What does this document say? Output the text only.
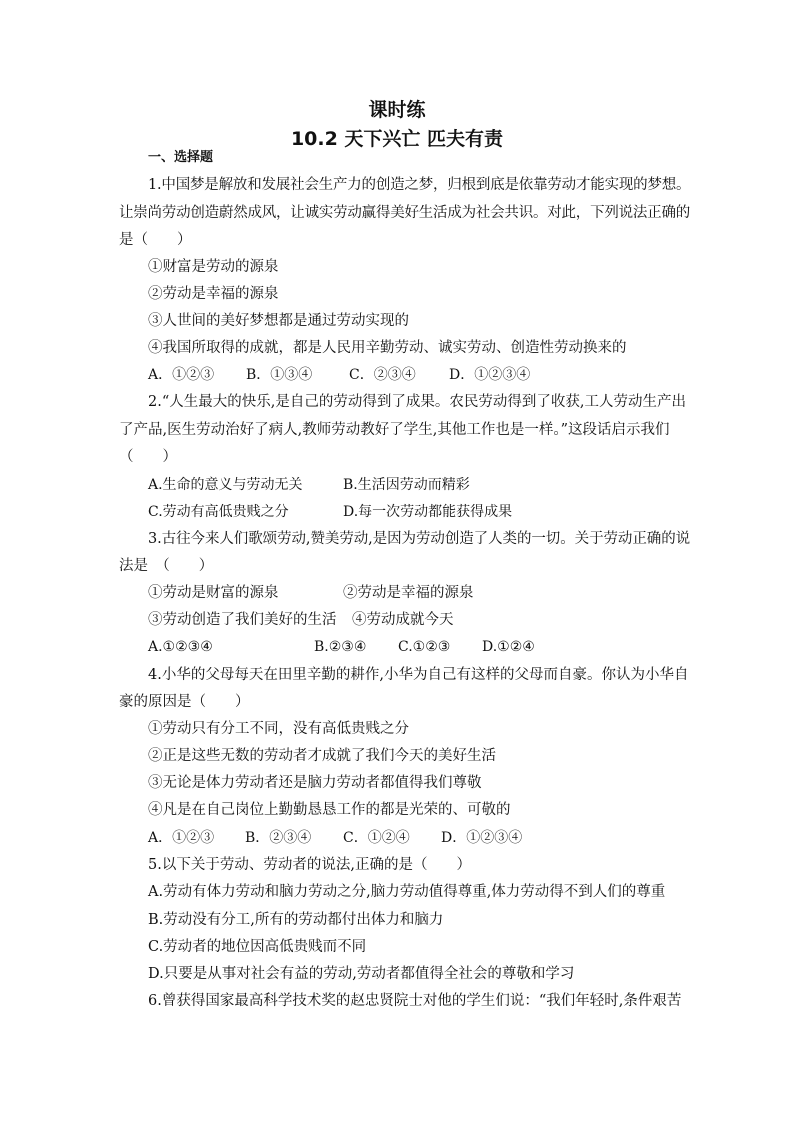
课时练
10.2 天下兴亡 匹夫有责
一、选择题
1.中国梦是解放和发展社会生产力的创造之梦，归根到底是依靠劳动才能实现的梦想。
让崇尚劳动创造蔚然成风，让诚实劳动赢得美好生活成为社会共识。对此，下列说法正确的
是（　　）
①财富是劳动的源泉
②劳动是幸福的源泉
③人世间的美好梦想都是通过劳动实现的
④我国所取得的成就，都是人民用辛勤劳动、诚实劳动、创造性劳动换来的
A．①②③ B．①③④	C．②③④ D．①②③④
2.“人生最大的快乐,是自己的劳动得到了成果。农民劳动得到了收获,工人劳动生产出
了产品,医生劳动治好了病人,教师劳动教好了学生,其他工作也是一样。”这段话启示我们
（　　）
A.生命的意义与劳动无关	B.生活因劳动而精彩
C.劳动有高低贵贱之分	D.每一次劳动都能获得成果
3.古往今来人们歌颂劳动,赞美劳动,是因为劳动创造了人类的一切。关于劳动正确的说
法是　（　　）
①劳动是财富的源泉	②劳动是幸福的源泉
③劳动创造了我们美好的生活 ④劳动成就今天
A.①②③④	B.②③④ C.①②③ D.①②④
4.小华的父母每天在田里辛勤的耕作,小华为自己有这样的父母而自豪。你认为小华自
豪的原因是（　　）
①劳动只有分工不同，没有高低贵贱之分
②正是这些无数的劳动者才成就了我们今天的美好生活
③无论是体力劳动者还是脑力劳动者都值得我们尊敬
④凡是在自己岗位上勤勤恳恳工作的都是光荣的、可敬的
A．①②③ B．②③④ C．①②④ D．①②③④
5.以下关于劳动、劳动者的说法,正确的是（　　）
A.劳动有体力劳动和脑力劳动之分,脑力劳动值得尊重,体力劳动得不到人们的尊重
B.劳动没有分工,所有的劳动都付出体力和脑力
C.劳动者的地位因高低贵贱而不同
D.只要是从事对社会有益的劳动,劳动者都值得全社会的尊敬和学习
6.曾获得国家最高科学技术奖的赵忠贤院士对他的学生们说：“我们年轻时,条件艰苦
